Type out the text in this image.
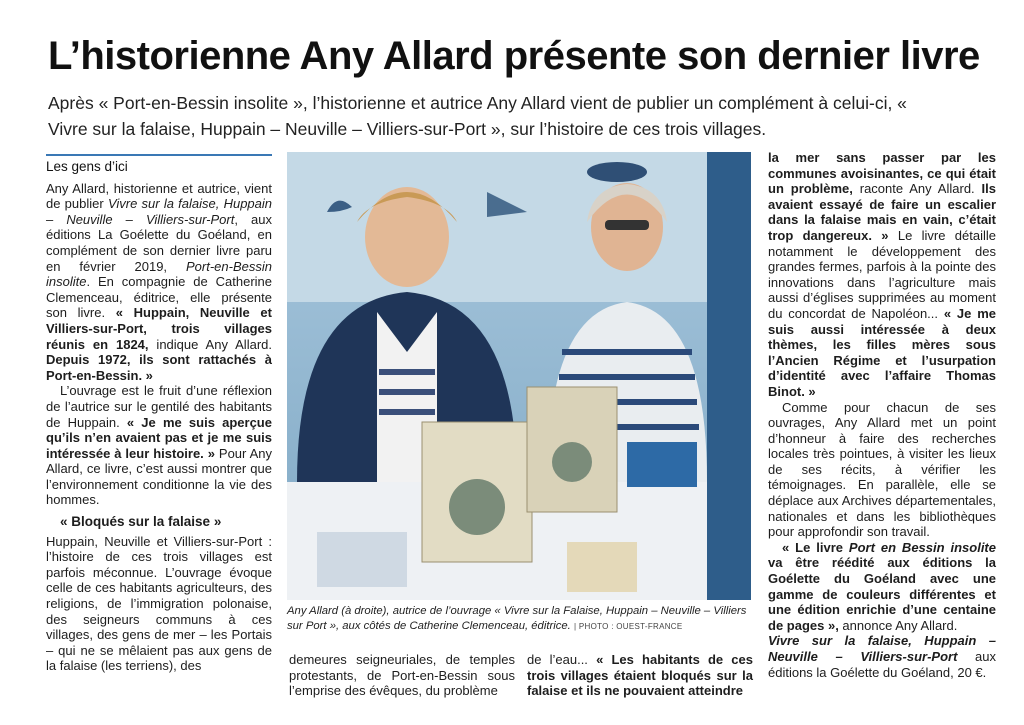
L’historienne Any Allard présente son dernier livre

Après « Port-en-Bessin insolite », l’historienne et autrice Any Allard vient de publier un complément à celui-ci, « Vivre sur la falaise, Huppain – Neuville – Villiers-sur-Port », sur l’histoire de ces trois villages.

Les gens d’ici

Any Allard, historienne et autrice, vient de publier Vivre sur la falaise, Huppain – Neuville – Villiers-sur-Port, aux éditions La Goélette du Goéland, en complément de son dernier livre paru en février 2019, Port-en-Bessin insolite. En compagnie de Catherine Clemenceau, éditrice, elle présente son livre. « Huppain, Neuville et Villiers-sur-Port, trois villages réunis en 1824, indique Any Allard. Depuis 1972, ils sont rattachés à Port-en-Bessin. »

L’ouvrage est le fruit d’une réflexion de l’autrice sur le gentilé des habitants de Huppain. « Je me suis aperçue qu’ils n’en avaient pas et je me suis intéressée à leur histoire. » Pour Any Allard, ce livre, c’est aussi montrer que l’environnement conditionne la vie des hommes.

« Bloqués sur la falaise »

Huppain, Neuville et Villiers-sur-Port : l’histoire de ces trois villages est parfois méconnue. L’ouvrage évoque celle de ces habitants agriculteurs, des religions, de l’immigration polonaise, des seigneurs communs à ces villages, des gens de mer – les Portais – qui ne se mêlaient pas aux gens de la falaise (les terriens), des

Any Allard (à droite), autrice de l’ouvrage « Vivre sur la Falaise, Huppain – Neuville – Villiers sur Port », aux côtés de Catherine Clemenceau, éditrice. | PHOTO : OUEST-FRANCE

demeures seigneuriales, de temples protestants, de Port-en-Bessin sous l’emprise des évêques, du problème

de l’eau... « Les habitants de ces trois villages étaient bloqués sur la falaise et ils ne pouvaient atteindre

la mer sans passer par les communes avoisinantes, ce qui était un problème, raconte Any Allard. Ils avaient essayé de faire un escalier dans la falaise mais en vain, c’était trop dangereux. » Le livre détaille notamment le développement des grandes fermes, parfois à la pointe des innovations dans l’agriculture mais aussi d’églises supprimées au moment du concordat de Napoléon... « Je me suis aussi intéressée à deux thèmes, les filles mères sous l’Ancien Régime et l’usurpation d’identité avec l’affaire Thomas Binot. »

Comme pour chacun de ses ouvrages, Any Allard met un point d’honneur à faire des recherches locales très pointues, à visiter les lieux de ses récits, à vérifier les témoignages. En parallèle, elle se déplace aux Archives départementales, nationales et dans les bibliothèques pour approfondir son travail.

« Le livre Port en Bessin insolite va être réédité aux éditions la Goélette du Goéland avec une gamme de couleurs différentes et une édition enrichie d’une centaine de pages », annonce Any Allard.

Vivre sur la falaise, Huppain – Neuville – Villiers-sur-Port aux éditions la Goélette du Goéland, 20 €.
